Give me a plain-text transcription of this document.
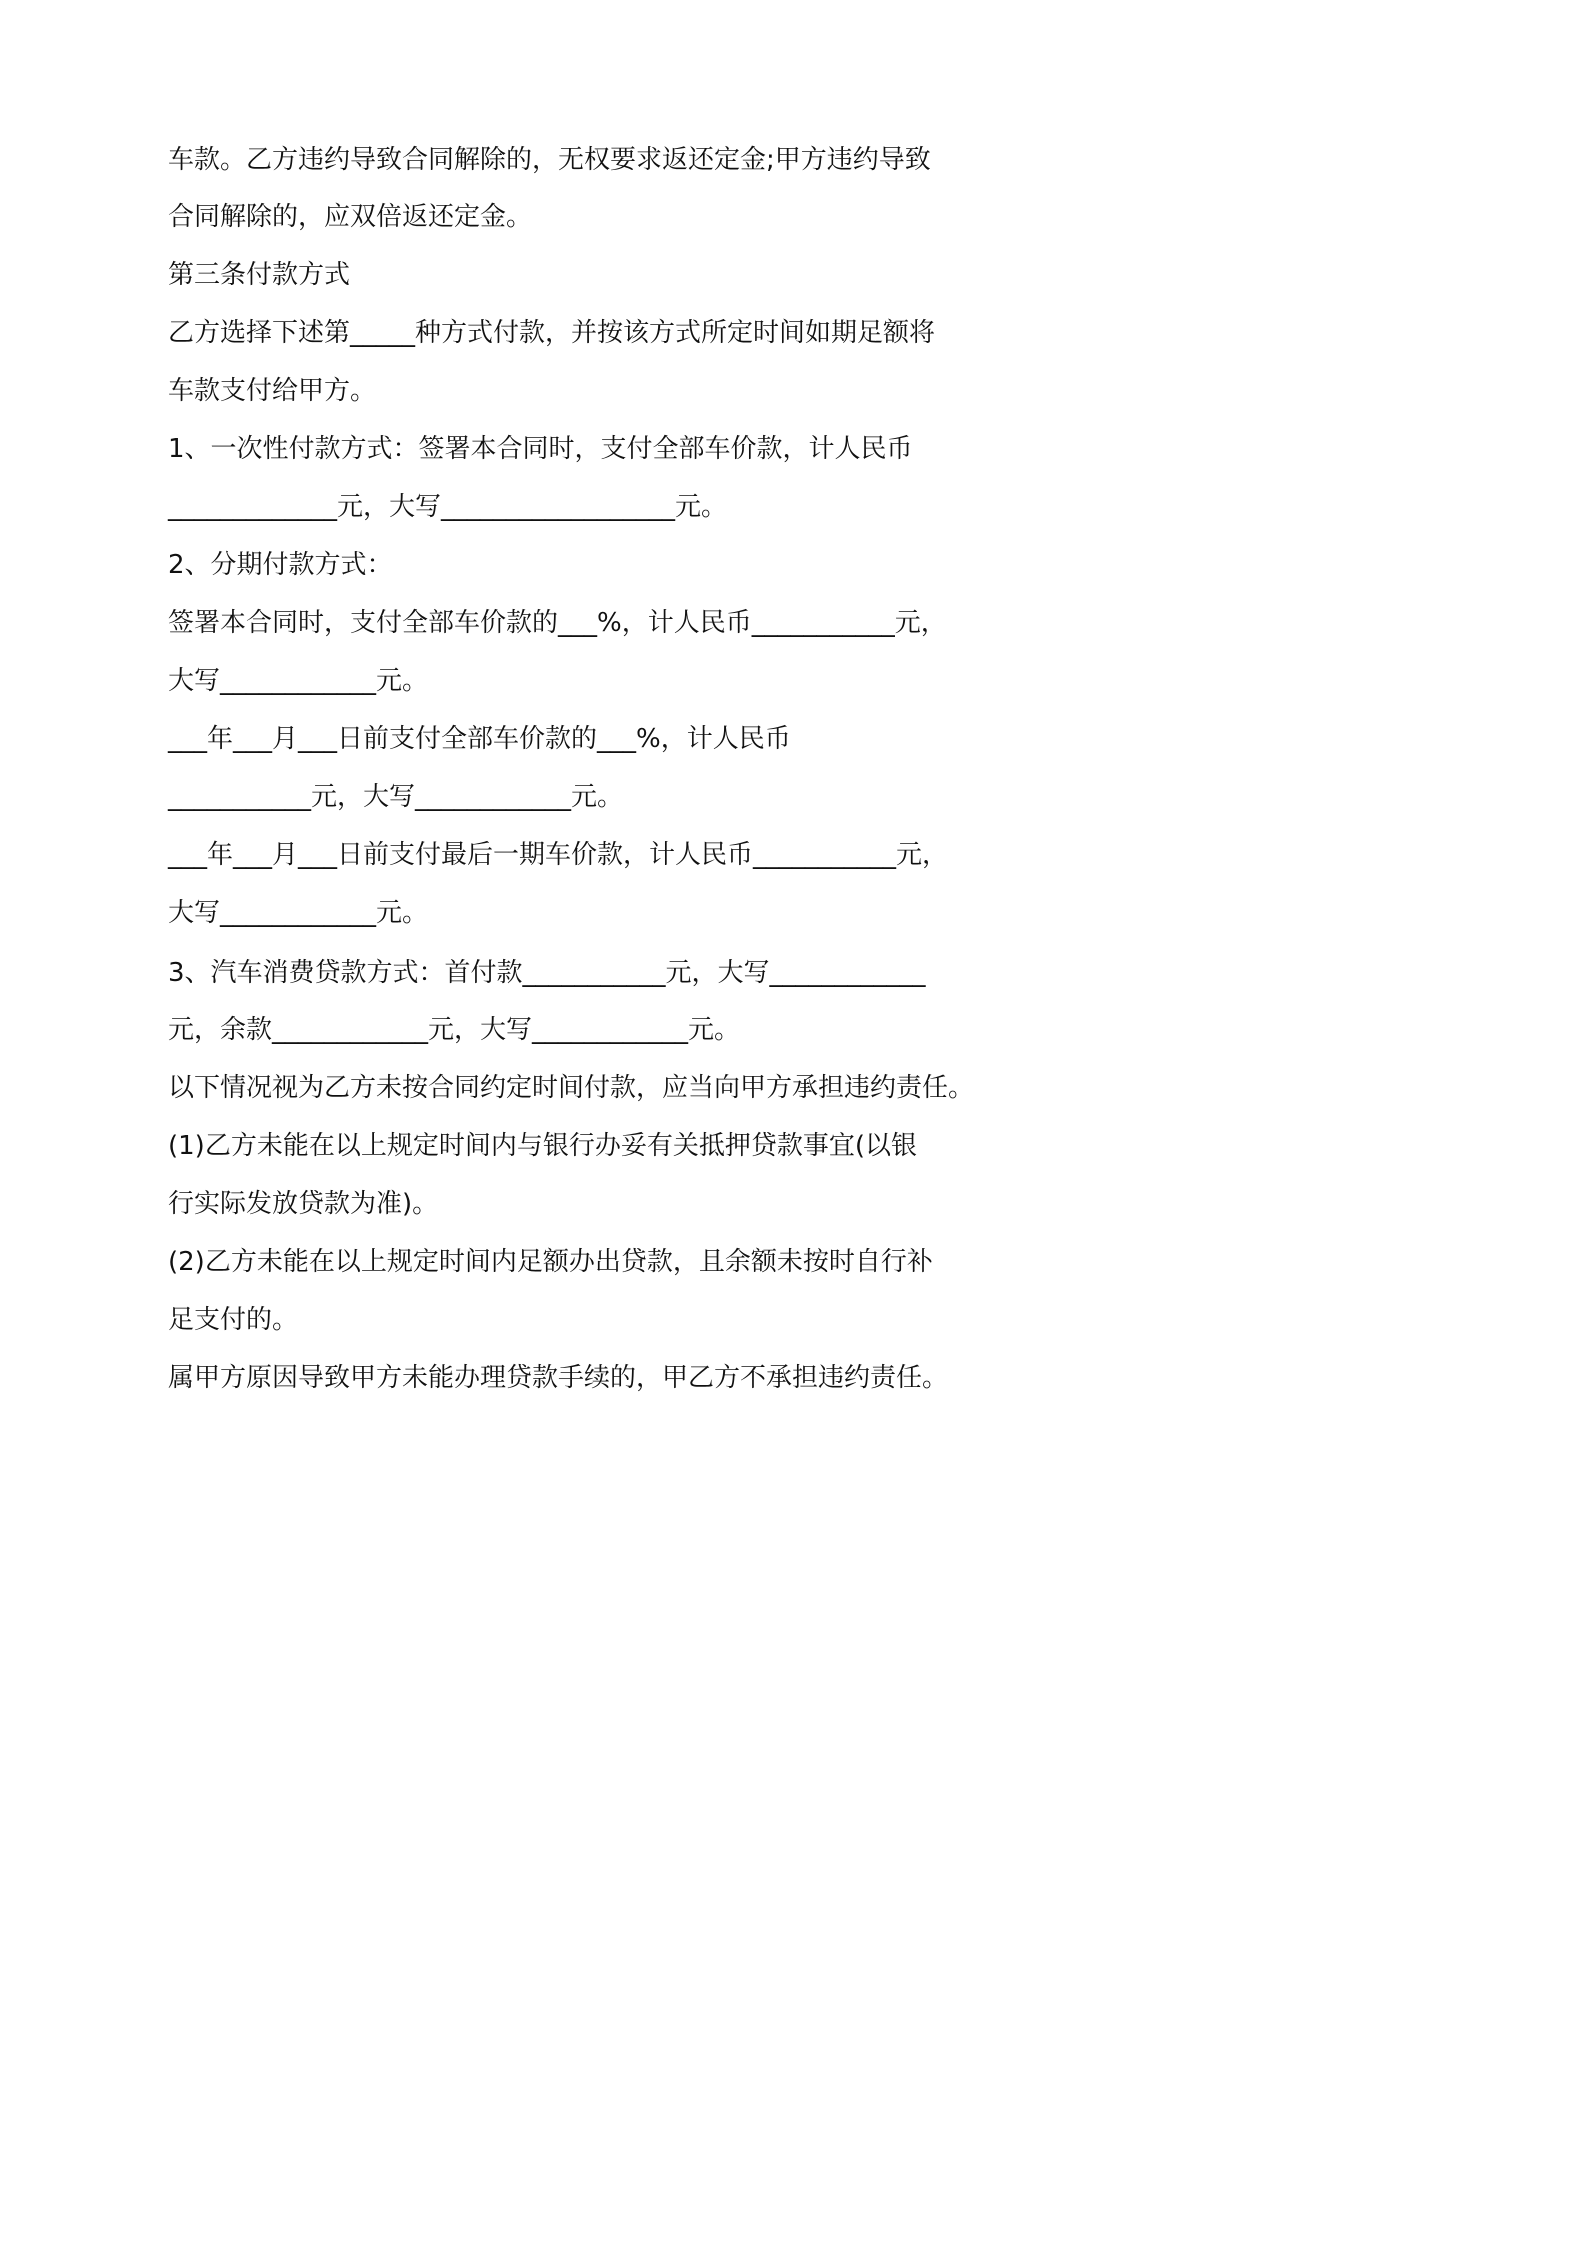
车款。乙方违约导致合同解除的，无权要求返还定金;甲方违约导致

合同解除的，应双倍返还定金。

第三条付款方式

乙方选择下述第_____种方式付款，并按该方式所定时间如期足额将

车款支付给甲方。

1、一次性付款方式：签署本合同时，支付全部车价款，计人民币

_____________元，大写__________________元。

2、分期付款方式：

签署本合同时，支付全部车价款的___%，计人民币___________元，

大写____________元。

___年___月___日前支付全部车价款的___%，计人民币

___________元，大写____________元。

___年___月___日前支付最后一期车价款，计人民币___________元，

大写____________元。

3、汽车消费贷款方式：首付款___________元，大写____________

元，余款____________元，大写____________元。

以下情况视为乙方未按合同约定时间付款，应当向甲方承担违约责任。

(1)乙方未能在以上规定时间内与银行办妥有关抵押贷款事宜(以银

行实际发放贷款为准)。

(2)乙方未能在以上规定时间内足额办出贷款，且余额未按时自行补

足支付的。

属甲方原因导致甲方未能办理贷款手续的，甲乙方不承担违约责任。
